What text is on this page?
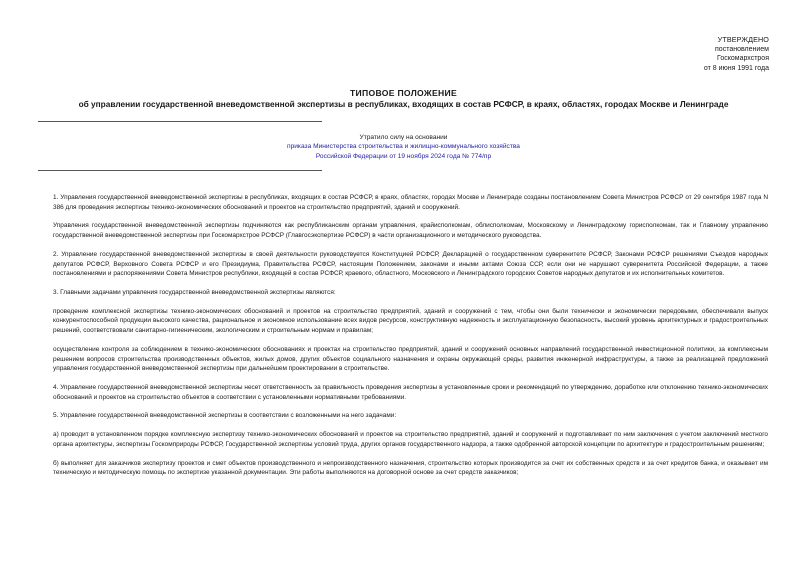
УТВЕРЖДЕНО
постановлением
Госкомархстроя
от 8 июня 1991 года
ТИПОВОЕ ПОЛОЖЕНИЕ
об управлении государственной вневедомственной экспертизы в республиках, входящих в состав РСФСР, в краях, областях, городах Москве и Ленинграде
Утратило силу на основании
приказа Министерства строительства и жилищно-коммунального хозяйства
Российской Федерации от 19 ноября 2024 года № 774/пр

1. Управления государственной вневедомственной экспертизы в республиках, входящих в состав РСФСР, в краях, областях, городах Москве и Ленинграде созданы постановлением Совета Министров РСФСР от 29 сентября 1987 года N 386 для проведения экспертизы технико-экономических обоснований и проектов на строительство предприятий, зданий и сооружений.

Управления государственной вневедомственной экспертизы подчиняются как республиканским органам управления, крайисполкомам, облисполкомам, Московскому и Ленинградскому горисполкомам, так и Главному управлению государственной вневедомственной экспертизы при Госкомархстрое РСФСР (Главгосэкспертизе РСФСР) в части организационного и методического руководства.

2. Управление государственной вневедомственной экспертизы в своей деятельности руководствуется Конституцией РСФСР, Декларацией о государственном суверенитете РСФСР, Законами РСФСР решениями Съездов народных депутатов РСФСР, Верховного Совета РСФСР и его Президиума, Правительства РСФСР, настоящим Положением, законами и иными актами Союза ССР, если они не нарушают суверенитета Российской Федерации, а также постановлениями и распоряжениями Совета Министров республики, входящей в состав РСФСР, краевого, областного, Московского и Ленинградского городских Советов народных депутатов и их исполнительных комитетов.

3. Главными задачами управления государственной вневедомственной экспертизы являются:

проведение комплексной экспертизы технико-экономических обоснований и проектов на строительство предприятий, зданий и сооружений с тем, чтобы они были технически и экономически передовыми, обеспечивали выпуск конкурентоспособной продукции высокого качества, рациональное и экономное использование всех видов ресурсов, конструктивную надежность и эксплуатационную безопасность, высокий уровень архитектурных и градостроительных решений, соответствовали санитарно-гигиеническим, экологическим и строительным нормам и правилам;

осуществление контроля за соблюдением в технико-экономических обоснованиях и проектах на строительство предприятий, зданий и сооружений основных направлений государственной инвестиционной политики, за комплексным решением вопросов строительства производственных объектов, жилых домов, других объектов социального назначения и охраны окружающей среды, развития инженерной инфраструктуры, а также за реализацией предложений управления государственной вневедомственной экспертизы при дальнейшем проектировании в строительстве.

4. Управление государственной вневедомственной экспертизы несет ответственность за правильность проведения экспертизы в установленные сроки и рекомендаций по утверждению, доработке или отклонению технико-экономических обоснований и проектов на строительство объектов в соответствии с установленными нормативными требованиями.

5. Управление государственной вневедомственной экспертизы в соответствии с возложенными на него задачами:

а) проводит в установленном порядке комплексную экспертизу технико-экономических обоснований и проектов на строительство предприятий, зданий и сооружений и подготавливает по ним заключения с учетом заключений местного органа архитектуры, экспертизы Госкомприроды РСФСР, Государственной экспертизы условий труда, других органов государственного надзора, а также одобренной авторской концепции по архитектуре и градостроительным решениям;

б) выполняет для заказчиков экспертизу проектов и смет объектов производственного и непроизводственного назначения, строительство которых производится за счет их собственных средств и за счет кредитов банка, и оказывает им техническую и методическую помощь по экспертизе указанной документации. Эти работы выполняются на договорной основе за счет средств заказчиков;
